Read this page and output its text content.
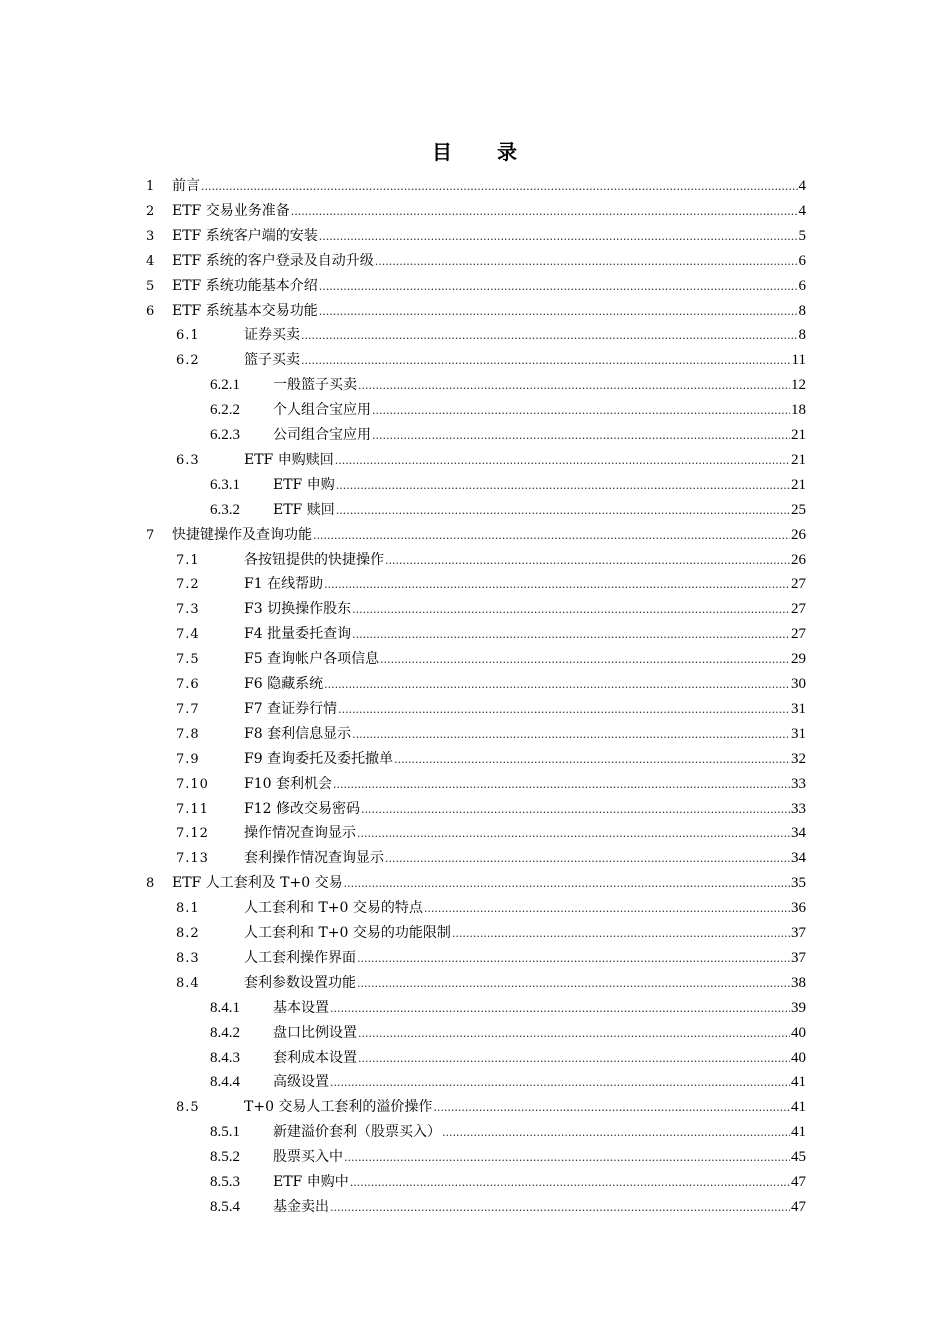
目 录
1	前言 .....	4
2	ETF 交易业务准备 .....	4
3	ETF 系统客户端的安装 .....	5
4	ETF 系统的客户登录及自动升级 .....	6
5	ETF 系统功能基本介绍 .....	6
6	ETF 系统基本交易功能 .....	8
6.1	证券买卖 .....	8
6.2	篮子买卖 .....	11
6.2.1	一般篮子买卖 .....	12
6.2.2	个人组合宝应用 .....	18
6.2.3	公司组合宝应用 .....	21
6.3	ETF 申购赎回 .....	21
6.3.1	ETF 申购 .....	21
6.3.2	ETF 赎回 .....	25
7	快捷键操作及查询功能 .....	26
7.1	各按钮提供的快捷操作 .....	26
7.2	F1 在线帮助 .....	27
7.3	F3 切换操作股东 .....	27
7.4	F4 批量委托查询 .....	27
7.5	F5 查询帐户各项信息 .....	29
7.6	F6 隐藏系统 .....	30
7.7	F7 查证券行情 .....	31
7.8	F8 套利信息显示 .....	31
7.9	F9 查询委托及委托撤单 .....	32
7.10	F10 套利机会 .....	33
7.11	F12 修改交易密码 .....	33
7.12	操作情况查询显示 .....	34
7.13	套利操作情况查询显示 .....	34
8	ETF 人工套利及 T+0 交易 .....	35
8.1	人工套利和 T+0 交易的特点 .....	36
8.2	人工套利和 T+0 交易的功能限制 .....	37
8.3	人工套利操作界面 .....	37
8.4	套利参数设置功能 .....	38
8.4.1	基本设置 .....	39
8.4.2	盘口比例设置 .....	40
8.4.3	套利成本设置 .....	40
8.4.4	高级设置 .....	41
8.5	T+0 交易人工套利的溢价操作 .....	41
8.5.1	新建溢价套利（股票买入） .....	41
8.5.2	股票买入中 .....	45
8.5.3	ETF 申购中 .....	47
8.5.4	基金卖出 .....	47
